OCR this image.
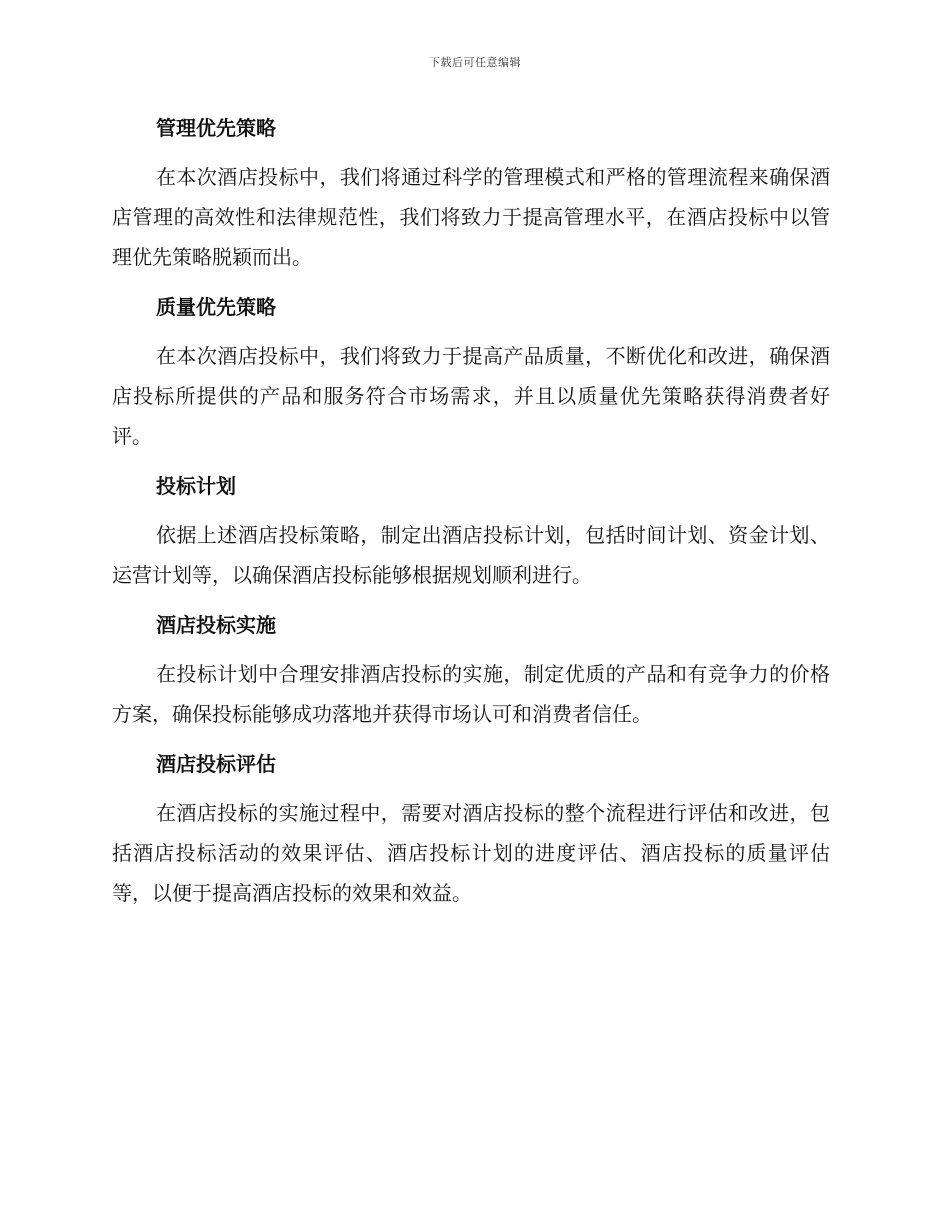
下载后可任意编辑
管理优先策略

在本次酒店投标中，我们将通过科学的管理模式和严格的管理流程来确保酒店管理的高效性和法律规范性，我们将致力于提高管理水平，在酒店投标中以管理优先策略脱颖而出。

质量优先策略

在本次酒店投标中，我们将致力于提高产品质量，不断优化和改进，确保酒店投标所提供的产品和服务符合市场需求，并且以质量优先策略获得消费者好评。

投标计划

依据上述酒店投标策略，制定出酒店投标计划，包括时间计划、资金计划、运营计划等，以确保酒店投标能够根据规划顺利进行。

酒店投标实施

在投标计划中合理安排酒店投标的实施，制定优质的产品和有竞争力的价格方案，确保投标能够成功落地并获得市场认可和消费者信任。

酒店投标评估

在酒店投标的实施过程中，需要对酒店投标的整个流程进行评估和改进，包括酒店投标活动的效果评估、酒店投标计划的进度评估、酒店投标的质量评估等，以便于提高酒店投标的效果和效益。
